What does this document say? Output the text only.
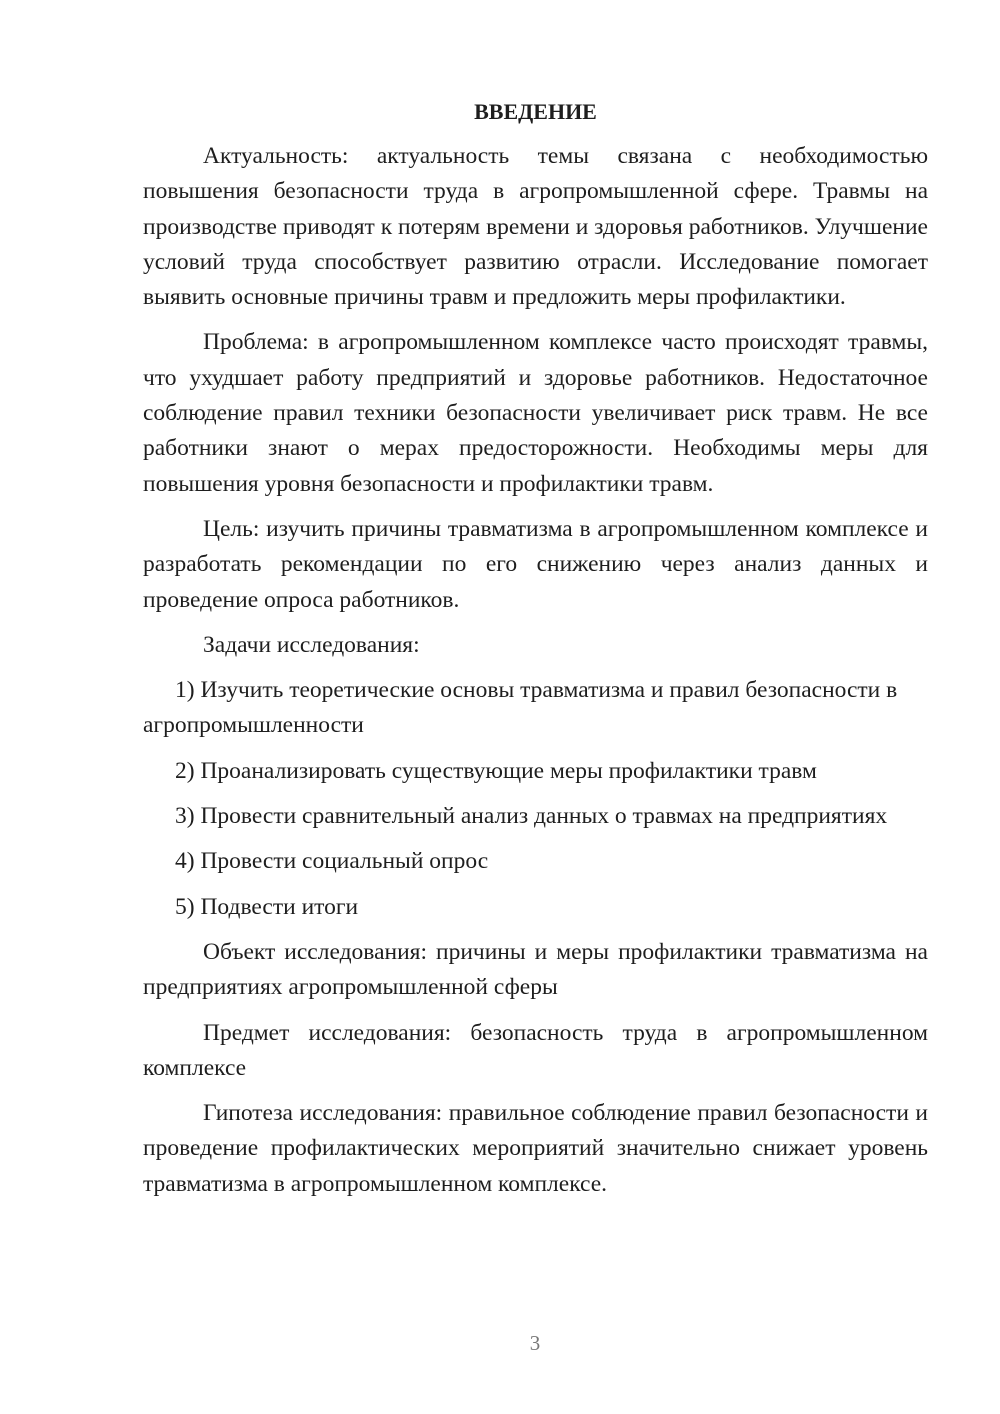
ВВЕДЕНИЕ

Актуальность: актуальность темы связана с необходимостью повышения безопасности труда в агропромышленной сфере. Травмы на производстве приводят к потерям времени и здоровья работников. Улучшение условий труда способствует развитию отрасли. Исследование помогает выявить основные причины травм и предложить меры профилактики.

Проблема: в агропромышленном комплексе часто происходят травмы, что ухудшает работу предприятий и здоровье работников. Недостаточное соблюдение правил техники безопасности увеличивает риск травм. Не все работники знают о мерах предосторожности. Необходимы меры для повышения уровня безопасности и профилактики травм.

Цель: изучить причины травматизма в агропромышленном комплексе и разработать рекомендации по его снижению через анализ данных и проведение опроса работников.

Задачи исследования:

1) Изучить теоретические основы травматизма и правил безопасности в агропромышленности

2) Проанализировать существующие меры профилактики травм

3) Провести сравнительный анализ данных о травмах на предприятиях

4) Провести социальный опрос

5) Подвести итоги

Объект исследования: причины и меры профилактики травматизма на предприятиях агропромышленной сферы

Предмет исследования: безопасность труда в агропромышленном комплексе

Гипотеза исследования: правильное соблюдение правил безопасности и проведение профилактических мероприятий значительно снижает уровень травматизма в агропромышленном комплексе.

3
